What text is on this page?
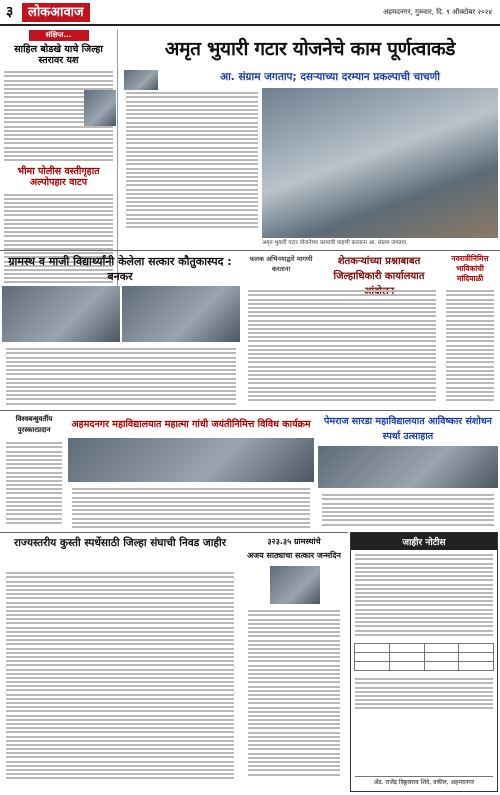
३	लोकआवाज	अहमदनगर, गुरुवार, दि. ९ ऑक्टोबर २०२४
संक्षिप्त...
साहिल बोडखे याचे जिल्हा स्तरावर यश
भीमा पोलीस वस्तीगृहात अल्पोपहार वाटप
अमृत भुयारी गटार योजनेचे काम पूर्णत्वाकडे
आ. संग्राम जगताप; दसऱ्याच्या दरम्यान प्रकल्पाची चाचणी
अमृत भुयारी गटार योजनेच्या कामाची पाहणी करताना आ. संग्राम जगताप.
ग्रामस्थ व माजी विद्यार्थ्यांनी केलेला सत्कार कौतुकास्पद : बनकर
फलक अभिनयाद्वारे मागणी करताना
शेतकऱ्यांच्या प्रश्नाबाबत जिल्हाधिकारी कार्यालयात
नवरात्रीनिमित्त भाविकांची मांदियाळी
विश्वबन्धुवर्तीय पुरस्कारप्रदान	अहमदनगर महाविद्यालयात महात्मा गांधी जयंतीनिमित्त विविध कार्यक्रम	पेमराज सारडा महाविद्यालयात आविष्कार संशोधन स्पर्धा उत्साहात
राज्यस्तरीय कुस्ती स्पर्धेसाठी जिल्हा संघाची निवड जाहीर	३२३.३५ ग्रामस्थांचे
अजय साठ्याचा सत्कार जन्मदिन
जाहीर नोटीस

ॲड. राजेंद्र विठ्ठलराव शिंदे, वकील, अहमदनगर
